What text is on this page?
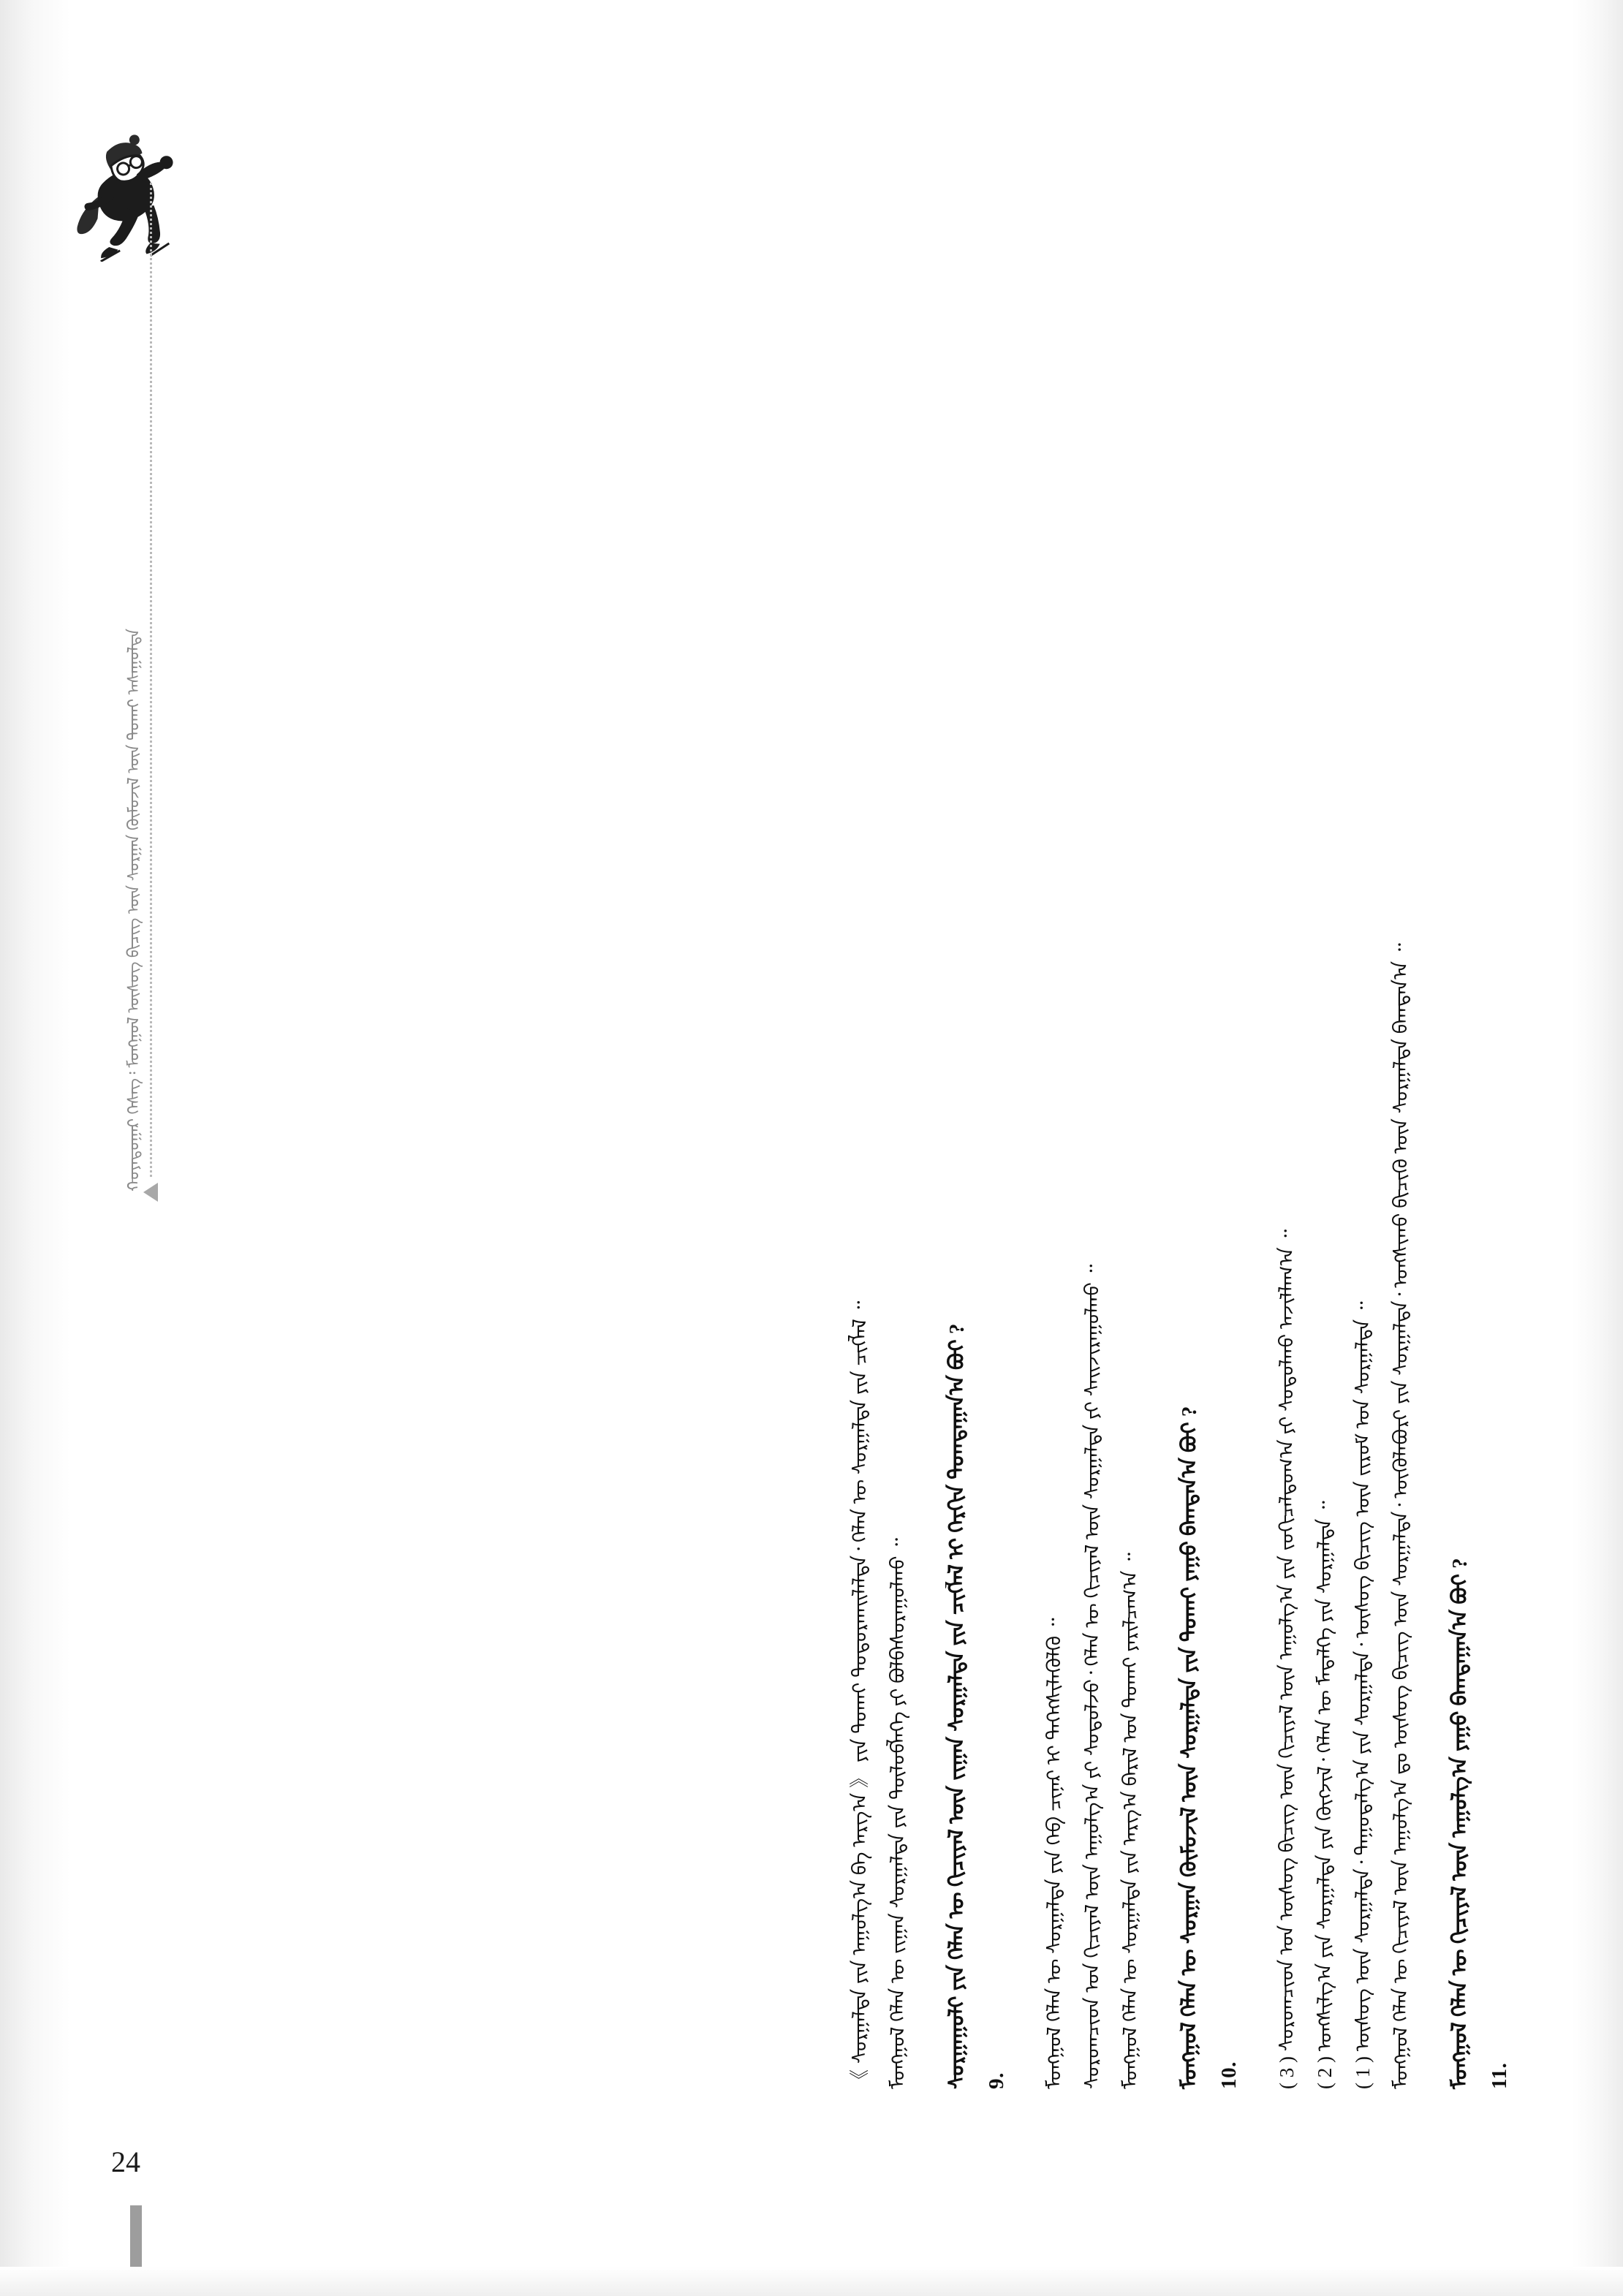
ᠬᠣᠶᠠᠳᠤᠭᠠᠷ ᠬᠡᠰᠡᠭ᠄ ᠮᠣᠩᠭᠣᠯ ᠦᠰᠦᠭ ᠪᠢᠴᠢᠭ ᠦᠨ ᠰᠤᠷᠭᠠᠨ ᠬᠥᠮᠦᠵᠢᠯ ᠦᠨ ᠲᠤᠬᠠᠢ ᠠᠰᠠᠭᠤᠯᠲᠠ
11.
ᠮᠣᠩᠭᠣᠯ ᠬᠡᠯᠡᠨ ᠦ ᠬᠢᠴᠢᠶᠡᠯ ᠦᠨ ᠠᠭᠤᠯᠭ᠎ᠠ ᠶᠠᠭᠤ ᠪᠠᠭᠲᠠᠭᠠᠨ᠎ᠠ ᠪᠤᠢ ?
ᠮᠣᠩᠭᠣᠯ ᠬᠡᠯᠡᠨ ᠦ ᠬᠢᠴᠢᠶᠡᠯ ᠦᠨ ᠠᠭᠤᠯᠭ᠎ᠠ ᠳᠤ ᠦᠰᠦᠭ ᠪᠢᠴᠢᠭ ᠦᠨ ᠰᠤᠷᠭᠠᠯᠲᠠ᠂ ᠥᠭᠦᠯᠡᠪᠦᠷᠢ ᠶᠢᠨ ᠰᠤᠷᠭᠠᠯᠲᠠ᠂ ᠤᠩᠰᠢᠬᠤ ᠪᠢᠴᠢᠬᠦ ᠦᠨ ᠰᠤᠷᠭᠠᠯᠲᠠ ᠪᠠᠭᠲᠠᠨ᠎ᠠ ᠃
( 1 ) ᠦᠰᠦᠭ ᠦᠨ ᠰᠤᠷᠭᠠᠯᠲᠠ᠂ ᠳᠠᠭᠤᠳᠠᠯᠭ᠎ᠠ ᠶᠢᠨ ᠰᠤᠷᠭᠠᠯᠲᠠ᠂ ᠦᠰᠦᠭ ᠪᠢᠴᠢᠭ ᠦᠨ ᠵᠢᠷᠤᠮ ᠤᠨ ᠰᠤᠷᠭᠠᠯᠲᠠ ᠃
( 2 ) ᠤᠩᠰᠢᠯᠭ᠎ᠠ ᠶᠢᠨ ᠰᠤᠷᠭᠠᠯᠲᠠ ᠶᠢᠨ ᠬᠥᠭᠵᠢᠯ᠂ ᠬᠡᠯᠡᠨ ᠦ ᠮᠡᠳᠡᠯᠭᠡ ᠶᠢᠨ ᠰᠤᠷᠭᠠᠯᠲᠠ ᠃
( 3 ) ᠰᠤᠷᠤᠭᠴᠢᠳ ᠤᠨ ᠦᠰᠦᠭ ᠪᠢᠴᠢᠭ ᠦᠨ ᠬᠢᠴᠢᠶᠡᠯ ᠦᠨ ᠠᠭᠤᠯᠭ᠎ᠠ ᠶᠢᠨ ᠵᠣᠬᠢᠴᠠᠯᠳᠤᠭ᠎ᠠ ᠶᠢ ᠰᠤᠳᠤᠯᠬᠤ ᠠᠵᠢᠯᠯᠠᠭ᠎ᠠ ᠃
10.
ᠮᠣᠩᠭᠣᠯ ᠬᠡᠯᠡᠨ ᠦ ᠰᠤᠷᠭᠠᠨ ᠬᠥᠮᠦᠵᠢᠯ ᠦᠨ ᠰᠤᠷᠭᠠᠯᠲᠠ ᠶᠢᠨ ᠲᠤᠬᠠᠢ ᠶᠠᠭᠤ ᠪᠠᠭᠲᠠᠨ᠎ᠠ ᠪᠤᠢ ?
ᠮᠣᠩᠭᠣᠯ ᠬᠡᠯᠡᠨ ᠦ ᠰᠤᠷᠭᠠᠯᠲᠠ ᠶᠢᠨ ᠠᠷᠭ᠎ᠠ ᠪᠠᠷᠢᠯ ᠤᠨ ᠲᠤᠬᠠᠢ ᠶᠠᠷᠢᠯᠴᠠᠭ᠎ᠠ ᠃
ᠰᠤᠷᠤᠭᠴᠢᠳ ᠤᠨ ᠬᠢᠴᠢᠶᠡᠯ ᠦᠨ ᠠᠭᠤᠯᠭ᠎ᠠ ᠶᠢ ᠰᠤᠳᠤᠯᠵᠤ᠂ ᠬᠡᠯᠡᠨ ᠦ ᠬᠢᠴᠢᠶᠡᠯ ᠦᠨ ᠰᠤᠷᠭᠠᠯᠲᠠ ᠶᠢ ᠰᠠᠢᠵᠢᠷᠠᠭᠤᠯᠬᠤ ᠃
ᠮᠣᠩᠭᠣᠯ ᠬᠡᠯᠡᠨ ᠦ ᠰᠤᠷᠭᠠᠯᠲᠠ ᠶᠢᠨ ᠬᠡᠪ ᠴᠢᠨᠠᠷ ᠢ ᠳᠡᠭᠡᠭᠰᠢᠯᠡᠭᠦᠯᠬᠦ ᠃
9.
ᠰᠤᠷᠭᠠᠭᠤᠯᠢ ᠶᠢᠨ ᠬᠡᠯᠡᠨ ᠦ ᠬᠢᠴᠢᠶᠡᠯ ᠦᠨ ᠵᠢᠭᠠᠨ ᠰᠤᠷᠭᠠᠯᠲᠠ ᠶᠢᠨ ᠴᠢᠭᠯᠡᠯ ᠢ ᠬᠡᠷᠬᠢᠨ ᠲᠣᠭᠲᠠᠭᠠᠨ᠎ᠠ ᠪᠤᠢ ?
ᠮᠣᠩᠭᠣᠯ ᠬᠡᠯᠡᠨ ᠦ ᠵᠢᠭᠠᠨ ᠰᠤᠷᠭᠠᠯᠲᠠ ᠶᠢᠨ ᠲᠥᠯᠥᠪᠯᠡᠭᠡ ᠶᠢ ᠪᠣᠯᠪᠠᠰᠤᠷᠠᠭᠤᠯᠬᠤ ᠃
《 ᠰᠤᠷᠭᠠᠯᠲᠠ ᠶᠢᠨ ᠠᠭᠤᠯᠭ᠎ᠠ ᠪᠠ ᠠᠷᠭ᠎ᠠ 》 ᠶᠢᠨ ᠲᠤᠬᠠᠢ ᠲᠣᠳᠣᠷᠬᠠᠢᠯᠠᠯᠲᠠ᠂ ᠬᠡᠯᠡᠨ ᠦ ᠰᠤᠷᠭᠠᠯᠲᠠ ᠶᠢᠨ ᠴᠢᠭᠯᠡᠯ ᠃
24
